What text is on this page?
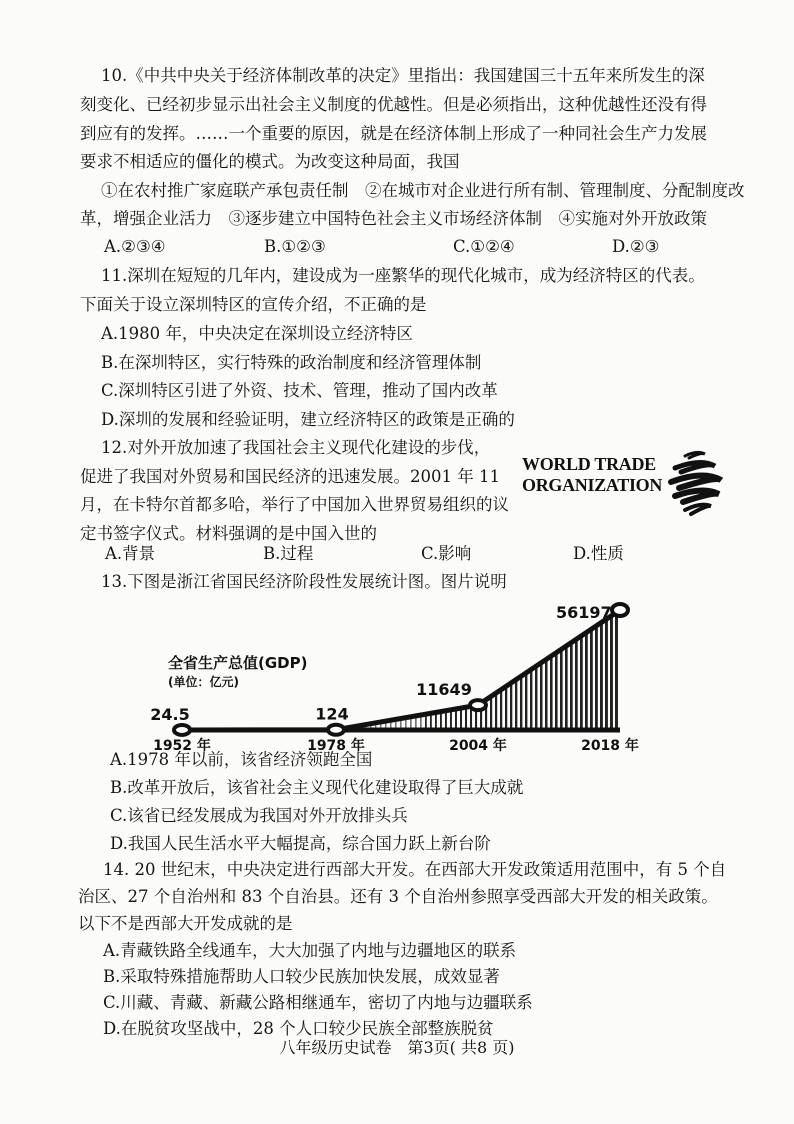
10.《中共中央关于经济体制改革的决定》里指出：我国建国三十五年来所发生的深
刻变化、已经初步显示出社会主义制度的优越性。但是必须指出，这种优越性还没有得
到应有的发挥。……一个重要的原因，就是在经济体制上形成了一种同社会生产力发展
要求不相适应的僵化的模式。为改变这种局面，我国
①在农村推广家庭联产承包责任制　②在城市对企业进行所有制、管理制度、分配制度改
革，增强企业活力　③逐步建立中国特色社会主义市场经济体制　④实施对外开放政策
A.②③④	B.①②③	C.①②④	D.②③
11.深圳在短短的几年内，建设成为一座繁华的现代化城市，成为经济特区的代表。
下面关于设立深圳特区的宣传介绍，不正确的是
A.1980 年，中央决定在深圳设立经济特区
B.在深圳特区，实行特殊的政治制度和经济管理体制
C.深圳特区引进了外资、技术、管理，推动了国内改革
D.深圳的发展和经验证明，建立经济特区的政策是正确的
12.对外开放加速了我国社会主义现代化建设的步伐，
促进了我国对外贸易和国民经济的迅速发展。2001 年 11
月，在卡特尔首都多哈，举行了中国加入世界贸易组织的议
定书签字仪式。材料强调的是中国入世的
WORLD TRADE
ORGANIZATION
A.背景	B.过程	C.影响	D.性质
13.下图是浙江省国民经济阶段性发展统计图。图片说明
24.5	124
11649
56197
1952 年	1978 年	2004 年	2018 年
全省生产总值(GDP)
(单位：亿元)
A.1978 年以前，该省经济领跑全国
B.改革开放后，该省社会主义现代化建设取得了巨大成就
C.该省已经发展成为我国对外开放排头兵
D.我国人民生活水平大幅提高，综合国力跃上新台阶
14. 20 世纪末，中央决定进行西部大开发。在西部大开发政策适用范围中，有 5 个自
治区、27 个自治州和 83 个自治县。还有 3 个自治州参照享受西部大开发的相关政策。
以下不是西部大开发成就的是
A.青藏铁路全线通车，大大加强了内地与边疆地区的联系
B.采取特殊措施帮助人口较少民族加快发展，成效显著
C.川藏、青藏、新藏公路相继通车，密切了内地与边疆联系
D.在脱贫攻坚战中，28 个人口较少民族全部整族脱贫
八年级历史试卷　第3页( 共8 页)
